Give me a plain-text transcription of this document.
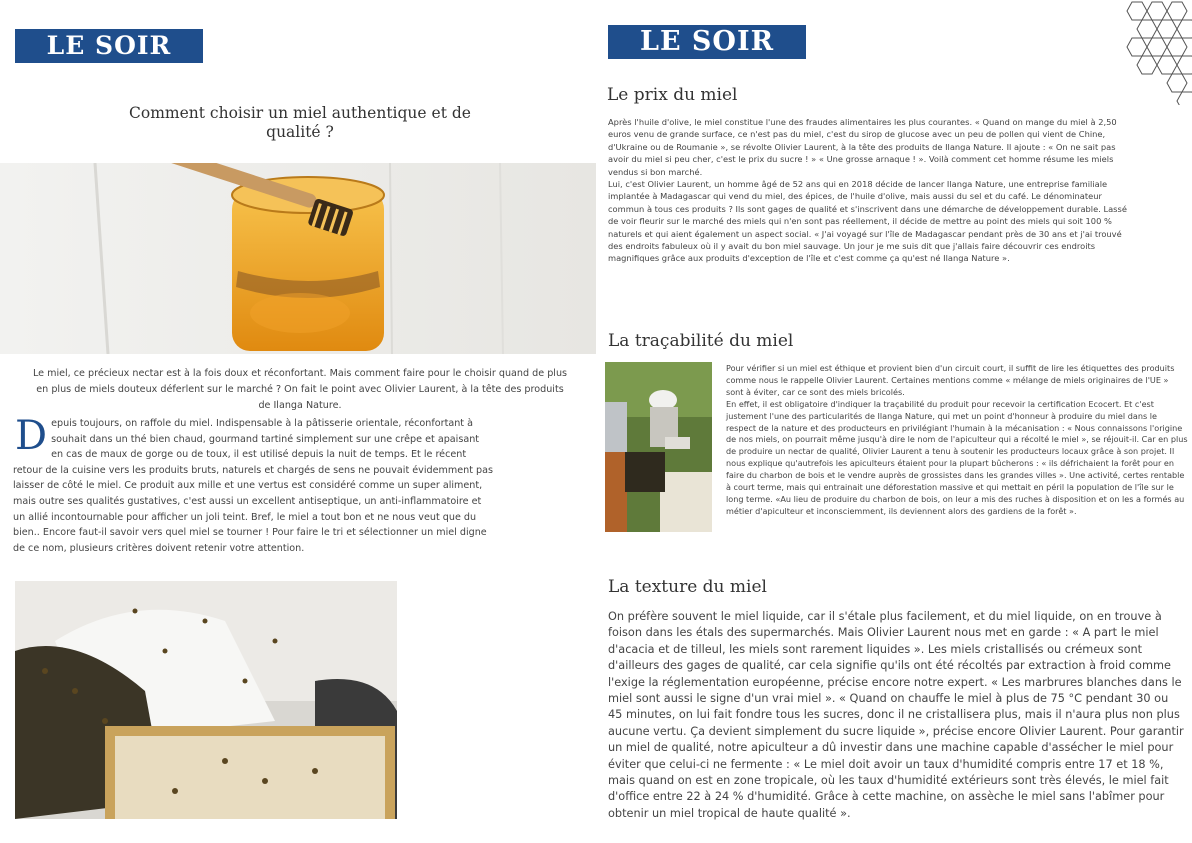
LE SOIR
Comment choisir un miel authentique et de qualité ?

Le miel, ce précieux nectar est à la fois doux et réconfortant. Mais comment faire pour le choisir quand de plus en plus de miels douteux déferlent sur le marché ? On fait le point avec Olivier Laurent, à la tête des produits de Ilanga Nature.

Depuis toujours, on raffole du miel. Indispensable à la pâtisserie orientale, réconfortant à souhait dans un thé bien chaud, gourmand tartiné simplement sur une crêpe et apaisant en cas de maux de gorge ou de toux, il est utilisé depuis la nuit de temps. Et le récent retour de la cuisine vers les produits bruts, naturels et chargés de sens ne pouvait évidemment pas laisser de côté le miel. Ce produit aux mille et une vertus est considéré comme un super aliment, mais outre ses qualités gustatives, c'est aussi un excellent antiseptique, un anti-inflammatoire et un allié incontournable pour afficher un joli teint. Bref, le miel a tout bon et ne nous veut que du bien.. Encore faut-il savoir vers quel miel se tourner ! Pour faire le tri et sélectionner un miel digne de ce nom, plusieurs critères doivent retenir votre attention.
LE SOIR
Le prix du miel

Après l'huile d'olive, le miel constitue l'une des fraudes alimentaires les plus courantes. « Quand on mange du miel à 2,50 euros venu de grande surface, ce n'est pas du miel, c'est du sirop de glucose avec un peu de pollen qui vient de Chine, d'Ukraine ou de Roumanie », se révolte Olivier Laurent, à la tête des produits de Ilanga Nature. Il ajoute : « On ne sait pas avoir du miel si peu cher, c'est le prix du sucre ! » « Une grosse arnaque ! ». Voilà comment cet homme résume les miels vendus si bon marché.
Lui, c'est Olivier Laurent, un homme âgé de 52 ans qui en 2018 décide de lancer Ilanga Nature, une entreprise familiale implantée à Madagascar qui vend du miel, des épices, de l'huile d'olive, mais aussi du sel et du café. Le dénominateur commun à tous ces produits ? Ils sont gages de qualité et s'inscrivent dans une démarche de développement durable. Lassé de voir fleurir sur le marché des miels qui n'en sont pas réellement, il décide de mettre au point des miels qui soit 100 % naturels et qui aient également un aspect social. « J'ai voyagé sur l'île de Madagascar pendant près de 30 ans et j'ai trouvé des endroits fabuleux où il y avait du bon miel sauvage. Un jour je me suis dit que j'allais faire découvrir ces endroits magnifiques grâce aux produits d'exception de l'île et c'est comme ça qu'est né Ilanga Nature ».

La traçabilité du miel

Pour vérifier si un miel est éthique et provient bien d'un circuit court, il suffit de lire les étiquettes des produits comme nous le rappelle Olivier Laurent. Certaines mentions comme « mélange de miels originaires de l'UE » sont à éviter, car ce sont des miels bricolés.
En effet, il est obligatoire d'indiquer la traçabilité du produit pour recevoir la certification Ecocert. Et c'est justement l'une des particularités de Ilanga Nature, qui met un point d'honneur à produire du miel dans le respect de la nature et des producteurs en privilégiant l'humain à la mécanisation : « Nous connaissons l'origine de nos miels, on pourrait même jusqu'à dire le nom de l'apiculteur qui a récolté le miel », se réjouit-il. Car en plus de produire un nectar de qualité, Olivier Laurent a tenu à soutenir les producteurs locaux grâce à son projet. Il nous explique qu'autrefois les apiculteurs étaient pour la plupart bûcherons : « ils défrichaient la forêt pour en faire du charbon de bois et le vendre auprès de grossistes dans les grandes villes ». Une activité, certes rentable à court terme, mais qui entrainait une déforestation massive et qui mettait en péril la population de l'île sur le long terme. «Au lieu de produire du charbon de bois, on leur a mis des ruches à disposition et on les a formés au métier d'apiculteur et inconsciemment, ils deviennent alors des gardiens de la forêt ».

La texture du miel

On préfère souvent le miel liquide, car il s'étale plus facilement, et du miel liquide, on en trouve à foison dans les étals des supermarchés. Mais Olivier Laurent nous met en garde : « A part le miel d'acacia et de tilleul, les miels sont rarement liquides ». Les miels cristallisés ou crémeux sont d'ailleurs des gages de qualité, car cela signifie qu'ils ont été récoltés par extraction à froid comme l'exige la réglementation européenne, précise encore notre expert. « Les marbrures blanches dans le miel sont aussi le signe d'un vrai miel ». « Quand on chauffe le miel à plus de 75 °C pendant 30 ou 45 minutes, on lui fait fondre tous les sucres, donc il ne cristallisera plus, mais il n'aura plus non plus aucune vertu. Ça devient simplement du sucre liquide », précise encore Olivier Laurent. Pour garantir un miel de qualité, notre apiculteur a dû investir dans une machine capable d'assécher le miel pour éviter que celui-ci ne fermente : « Le miel doit avoir un taux d'humidité compris entre 17 et 18 %, mais quand on est en zone tropicale, où les taux d'humidité extérieurs sont très élevés, le miel fait d'office entre 22 à 24 % d'humidité. Grâce à cette machine, on assèche le miel sans l'abîmer pour obtenir un miel tropical de haute qualité ».
